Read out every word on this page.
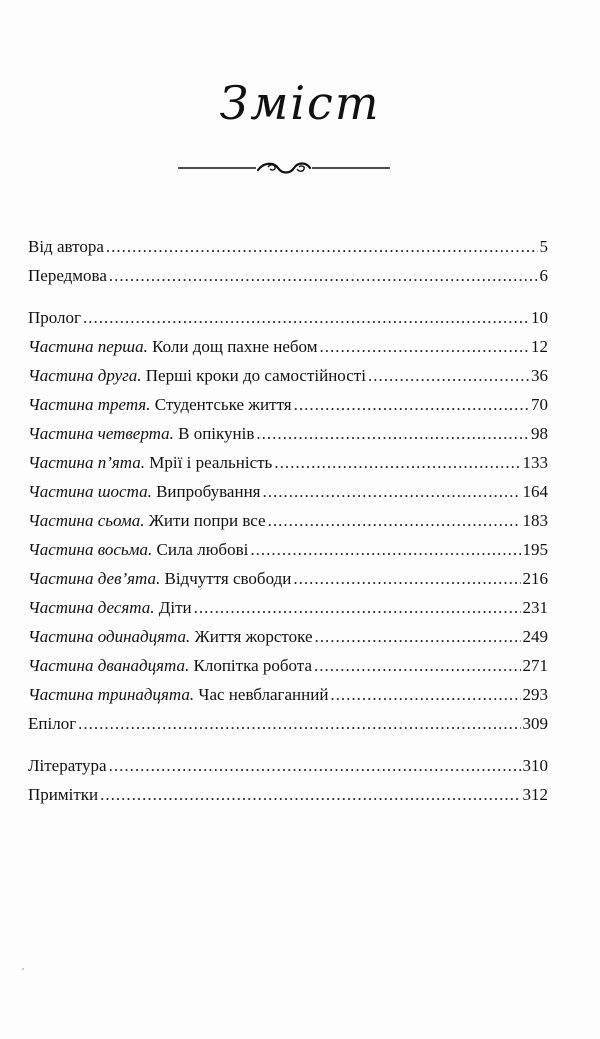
Зміст
Від автора .....	5
Передмова .....	6
Пролог .....	10
Частина перша. Коли дощ пахне небом .....	12
Частина друга. Перші кроки до самостійності .....	36
Частина третя. Студентське життя .....	70
Частина четверта. В опікунів .....	98
Частина п’ята. Мрії і реальність .....	133
Частина шоста. Випробування .....	164
Частина сьома. Жити попри все .....	183
Частина восьма. Сила любові .....	195
Частина дев’ята. Відчуття свободи .....	216
Частина десята. Діти .....	231
Частина одинадцята. Життя жорстоке .....	249
Частина дванадцята. Клопітка робота .....	271
Частина тринадцята. Час невблаганний .....	293
Епілог .....	309
Література .....	310
Примітки .....	312
